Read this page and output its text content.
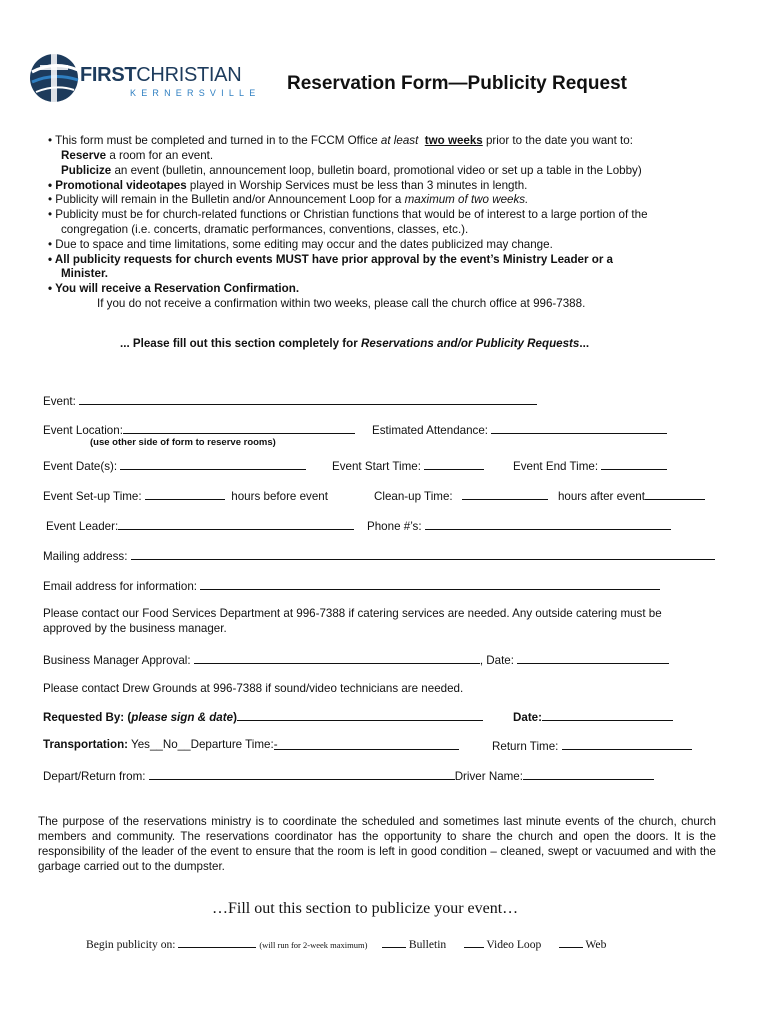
FIRSTCHRISTIAN
KERNERSVILLE Reservation Form—Publicity Request
• This form must be completed and turned in to the FCCM Office at least two weeks prior to the date you want to:
Reserve a room for an event.
Publicize an event (bulletin, announcement loop, bulletin board, promotional video or set up a table in the Lobby)
• Promotional videotapes played in Worship Services must be less than 3 minutes in length.
• Publicity will remain in the Bulletin and/or Announcement Loop for a maximum of two weeks.
• Publicity must be for church-related functions or Christian functions that would be of interest to a large portion of the
congregation (i.e. concerts, dramatic performances, conventions, classes, etc.).
• Due to space and time limitations, some editing may occur and the dates publicized may change.
• All publicity requests for church events MUST have prior approval by the event’s Ministry Leader or a
Minister.
• You will receive a Reservation Confirmation.
If you do not receive a confirmation within two weeks, please call the church office at 996-7388.
... Please fill out this section completely for Reservations and/or Publicity Requests...
Event:
Event Location:	Estimated Attendance:
(use other side of form to reserve rooms)
Event Date(s):	Event Start Time:	Event End Time:
Event Set-up Time:	hours before event	Clean-up Time:	hours after event
Event Leader:	Phone #’s:
Mailing address:
Email address for information:
Please contact our Food Services Department at 996-7388 if catering services are needed. Any outside catering must be
approved by the business manager.
Business Manager Approval:	, Date:
Please contact Drew Grounds at 996-7388 if sound/video technicians are needed.
Requested By: (please sign & date)	Date:
Transportation: Yes__No__Departure Time:-	Return Time:
Depart/Return from:	Driver Name:
The purpose of the reservations ministry is to coordinate the scheduled and sometimes last minute events of the church, church members and community. The reservations coordinator has the opportunity to share the church and open the doors. It is the responsibility of the leader of the event to ensure that the room is left in good condition – cleaned, swept or vacuumed and with the garbage carried out to the dumpster.
…Fill out this section to publicize your event…
Begin publicity on:	(will run for 2-week maximum)	Bulletin	Video Loop	Web
